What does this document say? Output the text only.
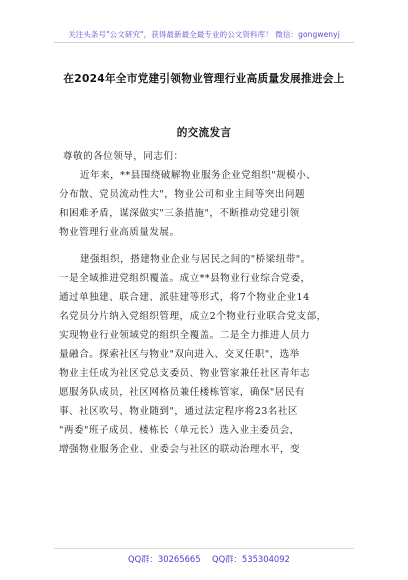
关注头条号"公文研究"，获得最新最全最专业的公文资料库！ 微信：gongwenyj
在2024年全市党建引领物业管理行业高质量发展推进会上
的交流发言
尊敬的各位领导，同志们：
近年来，**县围绕破解物业服务企业党组织"规模小、
分布散、党员流动性大"，物业公司和业主间等突出问题
和困难矛盾，谋深做实"三条措施"，不断推动党建引领
物业管理行业高质量发展。
建强组织，搭建物业企业与居民之间的"桥梁纽带"。
一是全域推进党组织覆盖。成立**县物业行业综合党委，
通过单独建、联合建、派驻建等形式，将7个物业企业14
名党员分片纳入党组织管理，成立2个物业行业联合党支部，
实现物业行业领域党的组织全覆盖。二是全力推进人员力
量融合。探索社区与物业"双向进入、交叉任职"，选举
物业主任成为社区党总支委员、物业管家兼任社区青年志
愿服务队成员，社区网格员兼任楼栋管家，确保"居民有
事、社区吹号、物业随到"，通过法定程序将23名社区
"两委"班子成员、楼栋长（单元长）选入业主委员会，
增强物业服务企业、业委会与社区的联动治理水平，变
QQ群：30265665 QQ群：535304092
